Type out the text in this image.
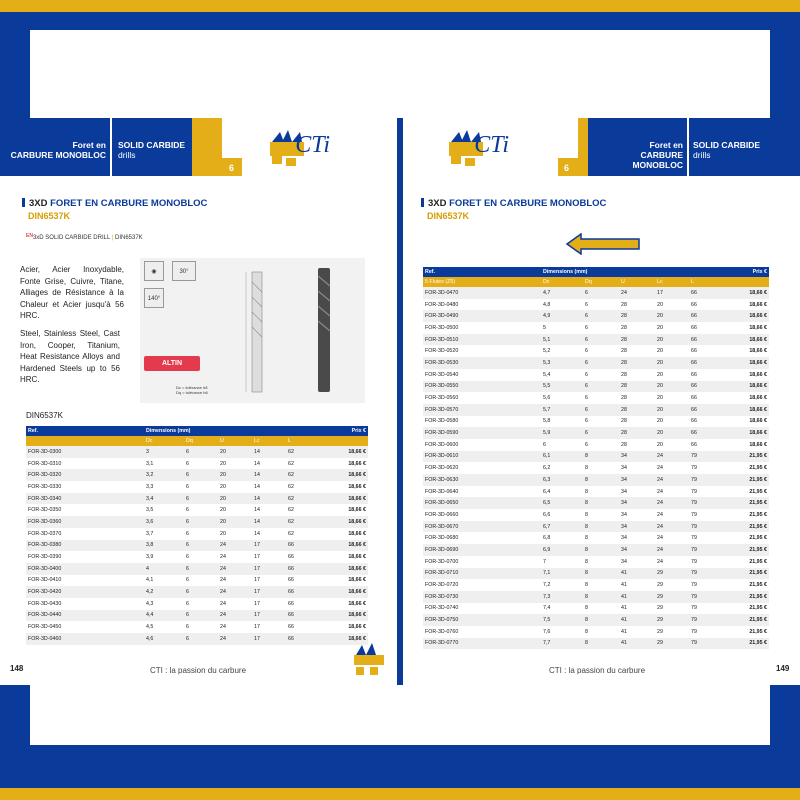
Foret en
CARBURE MONOBLOC
SOLID CARBIDE
drills
6
CTi
3XD FORET EN CARBURE MONOBLOC
DIN6537K
$^{EN}$3xD SOLID CARBIDE DRILL | DIN6537K
Acier, Acier Inoxydable, Fonte Grise, Cuivre, Titane, Alliages de Résistance à la Chaleur et Acier jusqu'à 56 HRC.
Steel, Stainless Steel, Cast Iron, Cooper, Titanium, Heat Resistance Alloys and Hardened Steels up to 56 HRC.
◉	30°
140°
ALTIN
Dc = tolérance h8
Dq = tolérance h6
DIN6537K
Ref.	Dimensions (mm)					Prix €
	Dc	Dq	U	Lc	L	
FOR-3D-0300	3	6	20	14	62	18,66 €
FOR-3D-0310	3,1	6	20	14	62	18,66 €
FOR-3D-0320	3,2	6	20	14	62	18,66 €
FOR-3D-0330	3,3	6	20	14	62	18,66 €
FOR-3D-0340	3,4	6	20	14	62	18,66 €
FOR-3D-0350	3,5	6	20	14	62	18,66 €
FOR-3D-0360	3,6	6	20	14	62	18,66 €
FOR-3D-0370	3,7	6	20	14	62	18,66 €
FOR-3D-0380	3,8	6	24	17	66	18,66 €
FOR-3D-0390	3,9	6	24	17	66	18,66 €
FOR-3D-0400	4	6	24	17	66	18,66 €
FOR-3D-0410	4,1	6	24	17	66	18,66 €
FOR-3D-0420	4,2	6	24	17	66	18,66 €
FOR-3D-0430	4,3	6	24	17	66	18,66 €
FOR-3D-0440	4,4	6	24	17	66	18,66 €
FOR-3D-0450	4,5	6	24	17	66	18,66 €
FOR-3D-0460	4,6	6	24	17	66	18,66 €
148	CTI : la passion du carbure
Foret en
CARBURE MONOBLOC
SOLID CARBIDE
drills
6
CTi
3XD FORET EN CARBURE MONOBLOC
DIN6537K
Ref.	Dimensions (mm)					Prix €
5 Flutes (Z5)	Dc	Dq	U	Lc	L	
FOR-3D-0470	4,7	6	24	17	66	18,66 €
FOR-3D-0480	4,8	6	28	20	66	18,66 €
FOR-3D-0490	4,9	6	28	20	66	18,66 €
FOR-3D-0500	5	6	28	20	66	18,66 €
FOR-3D-0510	5,1	6	28	20	66	18,66 €
FOR-3D-0520	5,2	6	28	20	66	18,66 €
FOR-3D-0530	5,3	6	28	20	66	18,66 €
FOR-3D-0540	5,4	6	28	20	66	18,66 €
FOR-3D-0550	5,5	6	28	20	66	18,66 €
FOR-3D-0560	5,6	6	28	20	66	18,66 €
FOR-3D-0570	5,7	6	28	20	66	18,66 €
FOR-3D-0580	5,8	6	28	20	66	18,66 €
FOR-3D-0590	5,9	6	28	20	66	18,66 €
FOR-3D-0600	6	6	28	20	66	18,66 €
FOR-3D-0610	6,1	8	34	24	79	21,95 €
FOR-3D-0620	6,2	8	34	24	79	21,95 €
FOR-3D-0630	6,3	8	34	24	79	21,95 €
FOR-3D-0640	6,4	8	34	24	79	21,95 €
FOR-3D-0650	6,5	8	34	24	79	21,95 €
FOR-3D-0660	6,6	8	34	24	79	21,95 €
FOR-3D-0670	6,7	8	34	24	79	21,95 €
FOR-3D-0680	6,8	8	34	24	79	21,95 €
FOR-3D-0690	6,9	8	34	24	79	21,95 €
FOR-3D-0700	7	8	34	24	79	21,95 €
FOR-3D-0710	7,1	8	41	29	79	21,95 €
FOR-3D-0720	7,2	8	41	29	79	21,95 €
FOR-3D-0730	7,3	8	41	29	79	21,95 €
FOR-3D-0740	7,4	8	41	29	79	21,95 €
FOR-3D-0750	7,5	8	41	29	79	21,95 €
FOR-3D-0760	7,6	8	41	29	79	21,95 €
FOR-3D-0770	7,7	8	41	29	79	21,95 €
CTI : la passion du carbure	149
